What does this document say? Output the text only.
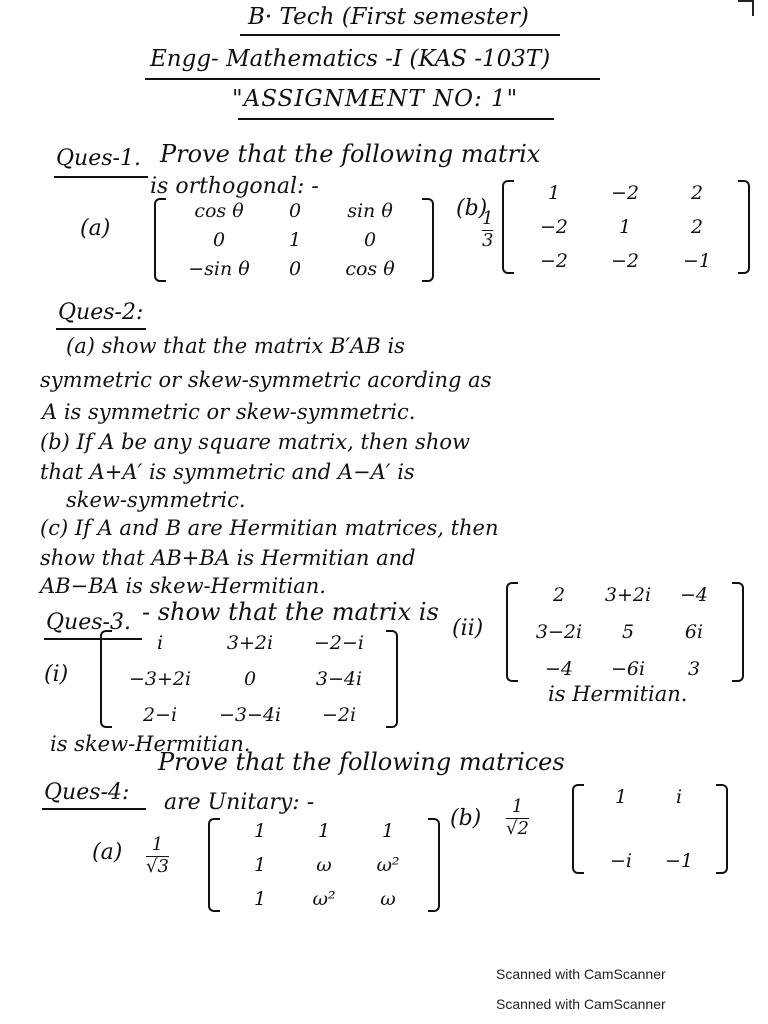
B· Tech (First semester)
Engg- Mathematics -I (KAS -103T)
"ASSIGNMENT NO: 1"
Ques-1. Prove that the following matrix
is orthogonal: -
(a)
cos θ	0	sin θ
0	1	0
−sin θ	0	cos θ
(b)
1
3
1	−2	2
−2	1	2
−2	−2	−1
Ques-2:
(a) show that the matrix B′AB is
symmetric or skew-symmetric acording as
A is symmetric or skew-symmetric.
(b) If A be any square matrix, then show
that A+A′ is symmetric and A−A′ is
skew-symmetric.
(c) If A and B are Hermitian matrices, then
show that AB+BA is Hermitian and
AB−BA is skew-Hermitian.
Ques-3. - show that the matrix is
(i)
i	3+2i	−2−i
−3+2i	0	3−4i
2−i	−3−4i	−2i
(ii)
2	3+2i	−4
3−2i	5	6i
−4	−6i	3
is Hermitian.
is skew-Hermitian.
Ques-4:
Prove that the following matrices
are Unitary: -
(a) 1
√3
1	1	1
1	ω	ω²
1	ω²	ω
(b) 1
√2
1	i
−i	−1
Scanned with CamScanner
Scanned with CamScanner
